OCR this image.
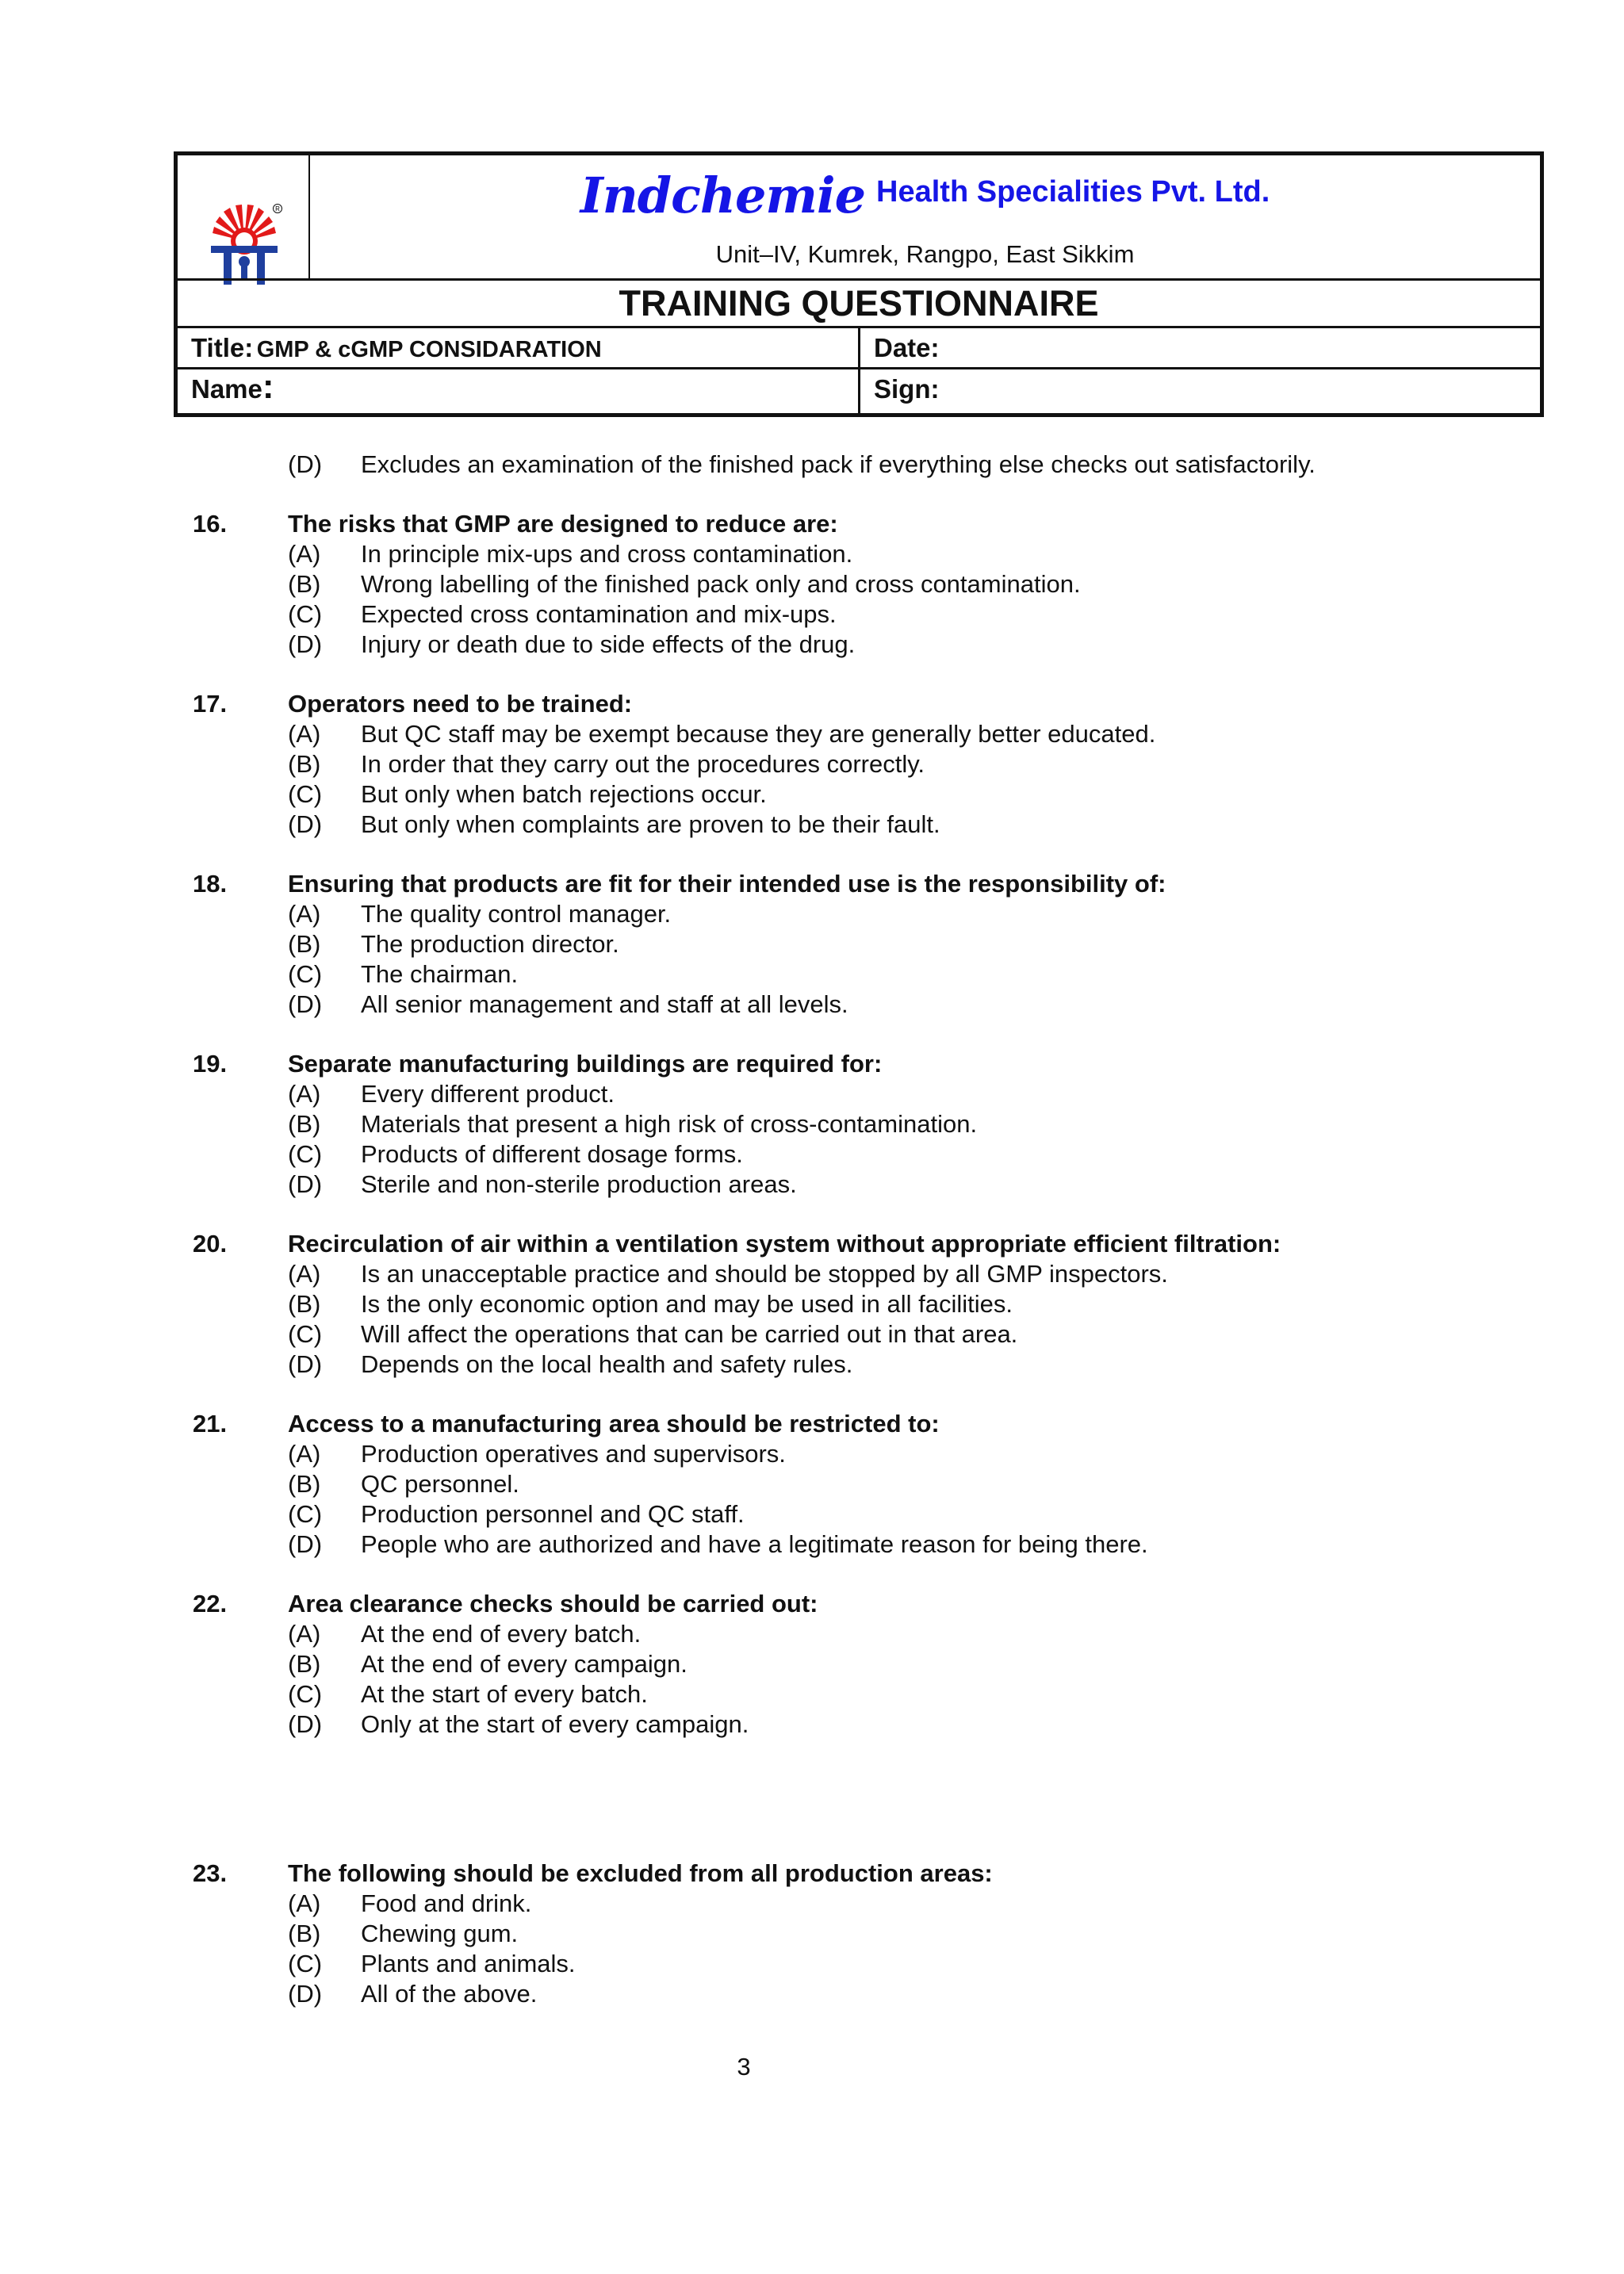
R	Indchemie Health Specialities Pvt. Ltd.
Unit–IV, Kumrek, Rangpo, East Sikkim
TRAINING QUESTIONNAIRE
Title: GMP & cGMP CONSIDARATION	Date:
Name:	Sign:
(D) Excludes an examination of the finished pack if everything else checks out satisfactorily.
16. The risks that GMP are designed to reduce are:
(A) In principle mix-ups and cross contamination.
(B) Wrong labelling of the finished pack only and cross contamination.
(C) Expected cross contamination and mix-ups.
(D) Injury or death due to side effects of the drug.
17. Operators need to be trained:
(A) But QC staff may be exempt because they are generally better educated.
(B) In order that they carry out the procedures correctly.
(C) But only when batch rejections occur.
(D) But only when complaints are proven to be their fault.
18. Ensuring that products are fit for their intended use is the responsibility of:
(A) The quality control manager.
(B) The production director.
(C) The chairman.
(D) All senior management and staff at all levels.
19. Separate manufacturing buildings are required for:
(A) Every different product.
(B) Materials that present a high risk of cross-contamination.
(C) Products of different dosage forms.
(D) Sterile and non-sterile production areas.
20. Recirculation of air within a ventilation system without appropriate efficient filtration:
(A) Is an unacceptable practice and should be stopped by all GMP inspectors.
(B) Is the only economic option and may be used in all facilities.
(C) Will affect the operations that can be carried out in that area.
(D) Depends on the local health and safety rules.
21. Access to a manufacturing area should be restricted to:
(A) Production operatives and supervisors.
(B) QC personnel.
(C) Production personnel and QC staff.
(D) People who are authorized and have a legitimate reason for being there.
22. Area clearance checks should be carried out:
(A) At the end of every batch.
(B) At the end of every campaign.
(C) At the start of every batch.
(D) Only at the start of every campaign.
23. The following should be excluded from all production areas:
(A) Food and drink.
(B) Chewing gum.
(C) Plants and animals.
(D) All of the above.
3
